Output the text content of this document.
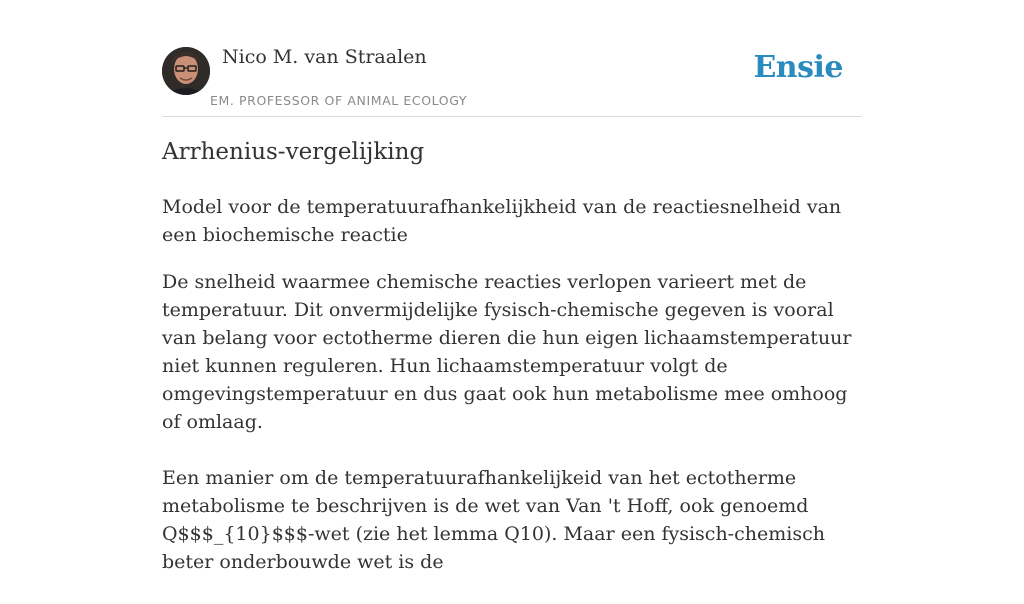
Nico M. van Straalen
EM. PROFESSOR OF ANIMAL ECOLOGY
Ensie
Arrhenius-vergelijking

Model voor de temperatuurafhankelijkheid van de reactiesnelheid van een biochemische reactie

De snelheid waarmee chemische reacties verlopen varieert met de temperatuur. Dit onvermijdelijke fysisch-chemische gegeven is vooral van belang voor ectotherme dieren die hun eigen lichaamstemperatuur niet kunnen reguleren. Hun lichaamstemperatuur volgt de omgevingstemperatuur en dus gaat ook hun metabolisme mee omhoog of omlaag.

Een manier om de temperatuurafhankelijkeid van het ectotherme metabolisme te beschrijven is de wet van Van 't Hoff, ook genoemd Q$$$_{10}$$$-wet (zie het lemma Q10). Maar een fysisch-chemisch beter onderbouwde wet is de
